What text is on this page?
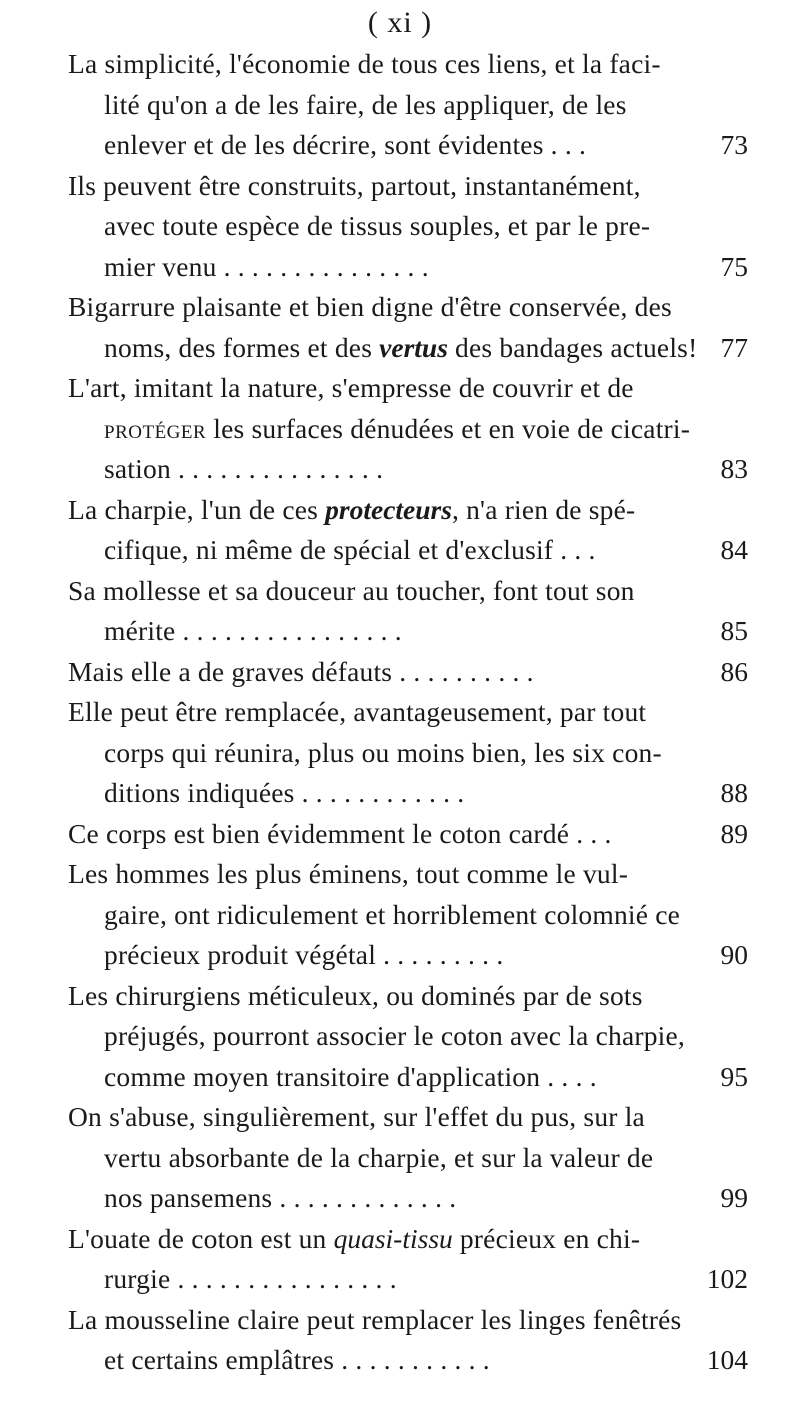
( xi )
La simplicité, l'économie de tous ces liens, et la faci-
lité qu'on a de les faire, de les appliquer, de les
enlever et de les décrire, sont évidentes . . .	73
Ils peuvent être construits, partout, instantanément,
avec toute espèce de tissus souples, et par le pre-
mier venu . . . . . . . . . . . . . . .	75
Bigarrure plaisante et bien digne d'être conservée, des
noms, des formes et des vertus des bandages actuels! 77
L'art, imitant la nature, s'empresse de couvrir et de
protéger les surfaces dénudées et en voie de cicatri-
sation . . . . . . . . . . . . . . .	83
La charpie, l'un de ces protecteurs, n'a rien de spé-
cifique, ni même de spécial et d'exclusif . . .	84
Sa mollesse et sa douceur au toucher, font tout son
mérite . . . . . . . . . . . . . . . .	85
Mais elle a de graves défauts . . . . . . . . . .	86
Elle peut être remplacée, avantageusement, par tout
corps qui réunira, plus ou moins bien, les six con-
ditions indiquées . . . . . . . . . . . .	88
Ce corps est bien évidemment le coton cardé . . .	89
Les hommes les plus éminens, tout comme le vul-
gaire, ont ridiculement et horriblement colomnié ce
précieux produit végétal . . . . . . . . .	90
Les chirurgiens méticuleux, ou dominés par de sots
préjugés, pourront associer le coton avec la charpie,
comme moyen transitoire d'application . . . .	95
On s'abuse, singulièrement, sur l'effet du pus, sur la
vertu absorbante de la charpie, et sur la valeur de
nos pansemens . . . . . . . . . . . . .	99
L'ouate de coton est un quasi-tissu précieux en chi-
rurgie . . . . . . . . . . . . . . . .	102
La mousseline claire peut remplacer les linges fenêtrés
et certains emplâtres . . . . . . . . . . .	104
